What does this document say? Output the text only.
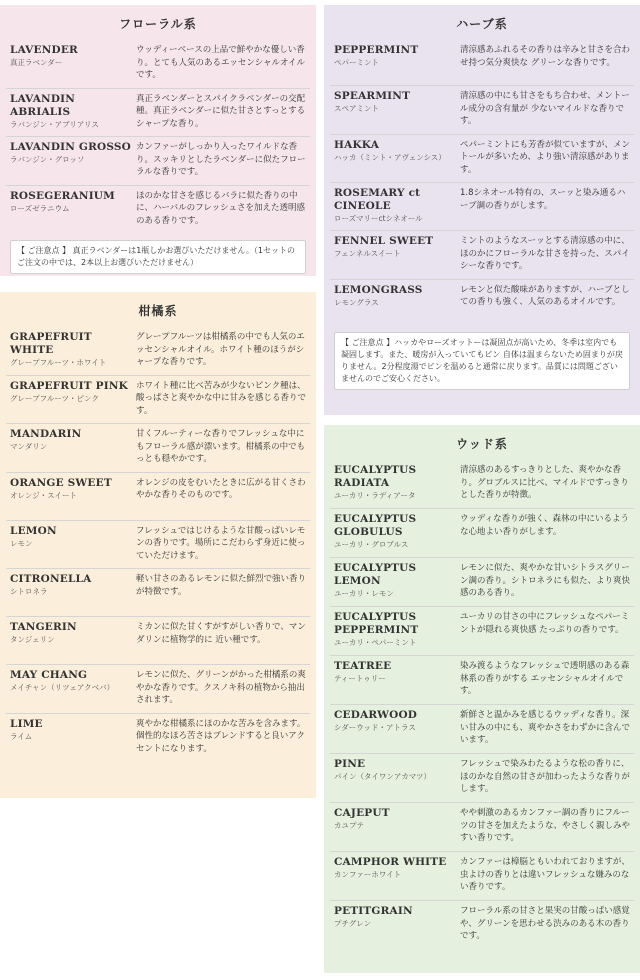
フローラル系
LAVENDER
真正ラベンダー
ウッディーベースの上品で鮮やかな優しい香り。とても人気のあるエッセンシャルオイルです。
LAVANDIN ABRIALIS
ラバンジン・アブリアリス
真正ラベンダーとスパイクラベンダーの交配種。真正ラベンダーに似た甘さとすっとするシャープな香り。
LAVANDIN GROSSO
ラバンジン・グロッソ
カンファーがしっかり入ったワイルドな香り。スッキリとしたラベンダーに似たフローラルな香りです。
ROSEGERANIUM
ローズゼラニウム
ほのかな甘さを感じるバラに似た香りの中に、ハーバルのフレッシュさを加えた透明感のある香りです。
【 ご注意点 】 真正ラベンダーは1瓶しかお選びいただけません。（1セットのご注文の中では、2本以上お選びいただけません）
ハーブ系
PEPPERMINT
ペパーミント
清涼感あふれるその香りは辛みと甘さを合わせ持つ気分爽快な グリーンな香りです。
SPEARMINT
スペアミント
清涼感の中にも甘さをもち合わせ、メントール成分の含有量が 少ないマイルドな香りです。
HAKKA
ハッカ（ミント・アヴェンシス）
ペパーミントにも芳香が似ていますが、メントールが多いため、より強い清涼感があります。
ROSEMARY ct
CINEOLE
ローズマリーctシネオール
1.8シネオール特有の、スーッと染み通るハーブ調の香りがします。
FENNEL SWEET
フェンネルスイート
ミントのようなスーッとする清涼感の中に、ほのかにフローラルな甘さを持った、スパイシーな香りです。
LEMONGRASS
レモングラス
レモンと似た酸味がありますが、ハーブとしての香りも強く、人気のあるオイルです。
【 ご注意点 】ハッカやローズオットーは凝固点が高いため、冬季は室内でも凝固します。また、暖房が入っていてもビン 自体は温まらないため固まりが戻りません。2分程度湯でビンを温めると通常に戻ります。品質には問題ございませんのでご安心ください。
柑橘系
GRAPEFRUIT WHITE
グレープフルーツ・ホワイト
グレープフルーツは柑橘系の中でも人気のエッセンシャルオイル。ホワイト種のほうがシャープな香りです。
GRAPEFRUIT PINK
グレープフルーツ・ピンク
ホワイト種に比べ苦みが少ないピンク種は、酸っぱさと爽やかな中に甘みを感じる香りです。
MANDARIN
マンダリン
甘くフルーティーな香りでフレッシュな中にもフローラル感が漂います。柑橘系の中でもっとも穏やかです。
ORANGE SWEET
オレンジ・スイート
オレンジの皮をむいたときに広がる甘くさわやかな香りそのものです。
LEMON
レモン
フレッシュではじけるような甘酸っぱいレモンの香りです。場所にこだわらず身近に使っていただけます。
CITRONELLA
シトロネラ
軽い甘さのあるレモンに似た鮮烈で強い香りが特徴です。
TANGERIN
タンジェリン
ミカンに似た甘くすがすがしい香りで、マンダリンに植物学的に 近い種です。
MAY CHANG
メイチャン（リツェアクベバ）
レモンに似た、グリーンがかった柑橘系の爽やかな香りです。クスノキ科の植物から抽出されます。
LIME
ライム
爽やかな柑橘系にほのかな苦みを含みます。個性的なほろ苦さはブレンドすると良いアクセントになります。
ウッド系
EUCALYPTUS
RADIATA
ユーカリ・ラディアータ
清涼感のあるすっきりとした、爽やかな香り。グロブルスに比べ、マイルドですっきりとした香りが特徴。
EUCALYPTUS
GLOBULUS
ユーカリ・グロブルス
ウッディな香りが強く、森林の中にいるような心地よい香りがします。
EUCALYPTUS
LEMON
ユーカリ・レモン
レモンに似た、爽やかな甘いシトラスグリーン調の香り。シトロネラにも似た、より爽快感のある香り。
EUCALYPTUS
PEPPERMINT
ユーカリ・ペパーミント
ユーカリの甘さの中にフレッシュなペパーミントが隠れる爽快感 たっぷりの香りです。
TEATREE
ティートゥリー
染み渡るようなフレッシュで透明感のある森林系の香りがする エッセンシャルオイルです。
CEDARWOOD
シダーウッド・アトラス
新鮮さと温かみを感じるウッディな香り。深い甘みの中にも、爽やかさをわずかに含んでいます。
PINE
パイン（タイワンアカマツ）
フレッシュで染みわたるような松の香りに、ほのかな自然の甘さが加わったような香りがします。
CAJEPUT
カユプテ
やや刺激のあるカンファー調の香りにフルーツの甘さを加えたような、やさしく親しみやすい香りです。
CAMPHOR WHITE
カンファーホワイト
カンファーは樟脳ともいわれておりますが、虫よけの香りとは違いフレッシュな嫌みのない香りです。
PETITGRAIN
プチグレン
フローラル系の甘さと果実の甘酸っぱい感覚や、グリーンを思わせる渋みのある木の香りです。
